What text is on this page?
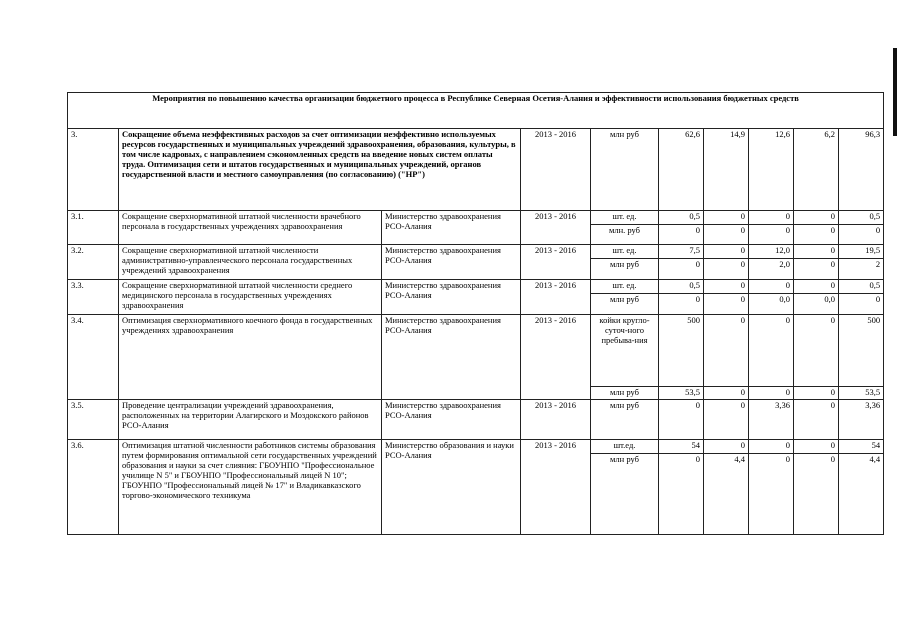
Мероприятия по повышению качества организации бюджетного процесса в Республике Северная Осетия-Алания и эффективности использования бюджетных средств									
3.	Сокращение объема неэффективных расходов за счет оптимизации неэффективно используемых ресурсов государственных и муниципальных учреждений здравоохранения, образования, культуры, в том числе кадровых, с направлением сэкономленных средств на введение новых систем оплаты труда. Оптимизация сети и штатов государственных и муниципальных учреждений, органов государственной власти и местного самоуправления (по согласованию) ("НР")		2013 - 2016	млн руб	62,6	14,9	12,6	6,2	96,3
3.1.	Сокращение сверхнормативной штатной численности врачебного персонала в государственных учреждениях здравоохранения	Министерство здравоохранения РСО-Алания	2013 - 2016	шт. ед.	0,5	0	0	0	0,5
				млн. руб	0	0	0	0	0
3.2.	Сокращение сверхнормативной штатной численности административно-управленческого персонала государственных учреждений здравоохранения	Министерство здравоохранения РСО-Алания	2013 - 2016	шт. ед.	7,5	0	12,0	0	19,5
				млн руб	0	0	2,0	0	2
3.3.	Сокращение сверхнормативной штатной численности среднего медицинского персонала в государственных учреждениях здравоохранения	Министерство здравоохранения РСО-Алания	2013 - 2016	шт. ед.	0,5	0	0	0	0,5
				млн руб	0	0	0,0	0,0	0
3.4.	Оптимизация сверхнормативного коечного фонда в государственных учреждениях здравоохранения	Министерство здравоохранения РСО-Алания	2013 - 2016	койки кругло-суточ-ного пребыва-ния	500	0	0	0	500
				млн руб	53,5	0	0	0	53,5
3.5.	Проведение централизации учреждений здравоохранения, расположенных на территории Алагирского и Моздокского районов РСО-Алания	Министерство здравоохранения РСО-Алания	2013 - 2016	млн руб	0	0	3,36	0	3,36
3.6.	Оптимизация штатной численности работников системы образования путем формирования оптимальной сети государственных учреждений образования и науки за счет слияния: ГБОУНПО "Профессиональное училище N 5" и ГБОУНПО "Профессиональный лицей N 10"; ГБОУНПО "Профессиональный лицей № 17" и Владикавказского торгово-экономического техникума	Министерство образования и науки РСО-Алания	2013 - 2016	шт.ед.	54	0	0	0	54
				млн руб	0	4,4	0	0	4,4
